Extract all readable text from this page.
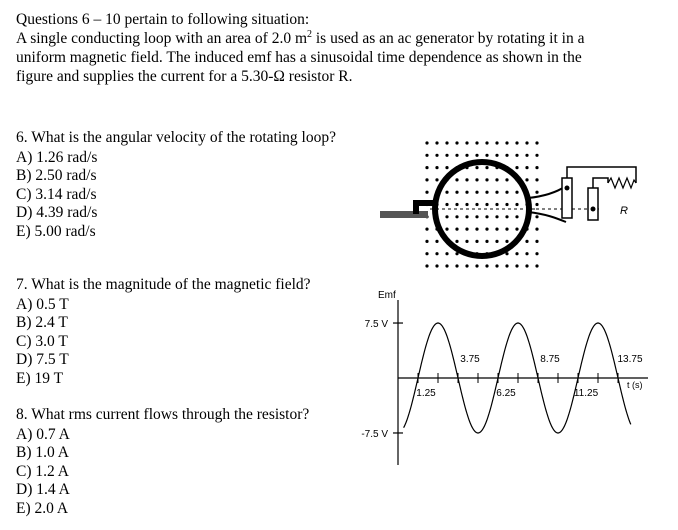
Questions 6 – 10 pertain to following situation:
A single conducting loop with an area of 2.0 $m^2$ is used as an ac generator by rotating it in a
uniform magnetic field. The induced emf has a sinusoidal time dependence as shown in the
figure and supplies the current for a 5.30-Ω resistor R.
6. What is the angular velocity of the rotating loop?
A) 1.26 rad/s
B) 2.50 rad/s
C) 3.14 rad/s
D) 4.39 rad/s
E) 5.00 rad/s
7. What is the magnitude of the magnetic field?
A) 0.5 T
B) 2.4 T
C) 3.0 T
D) 7.5 T
E) 19 T
8. What rms current flows through the resistor?
A) 0.7 A
B) 1.0 A
C) 1.2 A
D) 1.4 A
E) 2.0 A
R
Emf
t (s)
7.5 V
-7.5 V
3.75	8.75	13.75
1.25	6.25	11.25
